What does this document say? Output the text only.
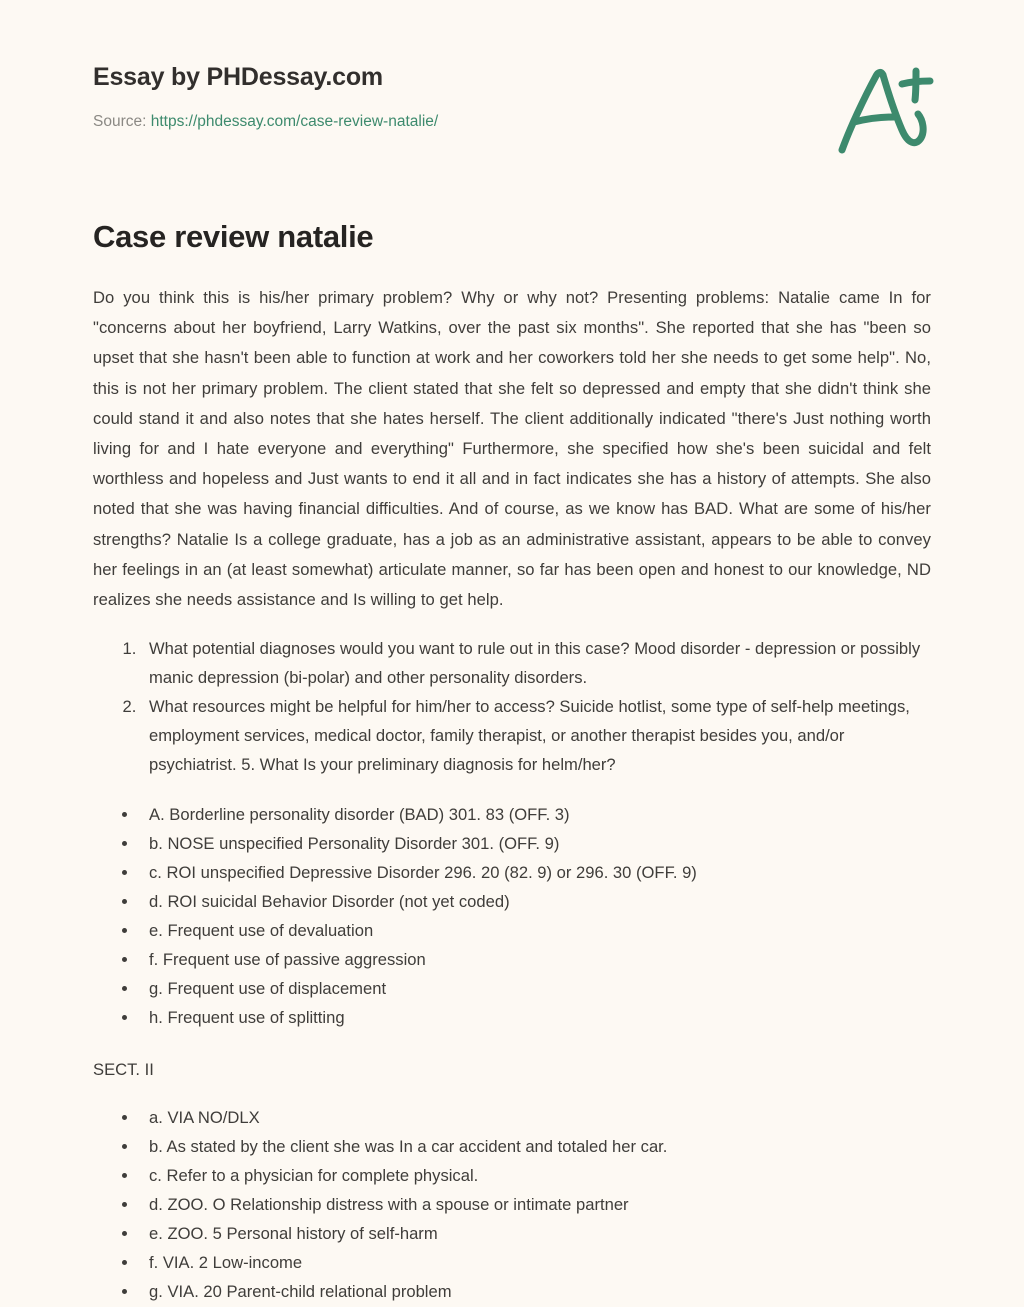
Essay by PHDessay.com
Source: https://phdessay.com/case-review-natalie/
Case review natalie

Do you think this is his/her primary problem? Why or why not? Presenting problems: Natalie came In for "concerns about her boyfriend, Larry Watkins, over the past six months". She reported that she has "been so upset that she hasn't been able to function at work and her coworkers told her she needs to get some help". No, this is not her primary problem. The client stated that she felt so depressed and empty that she didn't think she could stand it and also notes that she hates herself. The client additionally indicated "there's Just nothing worth living for and I hate everyone and everything" Furthermore, she specified how she's been suicidal and felt worthless and hopeless and Just wants to end it all and in fact indicates she has a history of attempts. She also noted that she was having financial difficulties. And of course, as we know has BAD. What are some of his/her strengths? Natalie Is a college graduate, has a job as an administrative assistant, appears to be able to convey her feelings in an (at least somewhat) articulate manner, so far has been open and honest to our knowledge, ND realizes she needs assistance and Is willing to get help.

1. What potential diagnoses would you want to rule out in this case? Mood disorder - depression or possibly manic depression (bi-polar) and other personality disorders.
2. What resources might be helpful for him/her to access? Suicide hotlist, some type of self-help meetings, employment services, medical doctor, family therapist, or another therapist besides you, and/or psychiatrist. 5. What Is your preliminary diagnosis for helm/her?
• A. Borderline personality disorder (BAD) 301. 83 (OFF. 3)
• b. NOSE unspecified Personality Disorder 301. (OFF. 9)
• c. ROI unspecified Depressive Disorder 296. 20 (82. 9) or 296. 30 (OFF. 9)
• d. ROI suicidal Behavior Disorder (not yet coded)
• e. Frequent use of devaluation
• f. Frequent use of passive aggression
• g. Frequent use of displacement
• h. Frequent use of splitting
SECT. II
• a. VIA NO/DLX
• b. As stated by the client she was In a car accident and totaled her car.
• c. Refer to a physician for complete physical.
• d. ZOO. O Relationship distress with a spouse or intimate partner
• e. ZOO. 5 Personal history of self-harm
• f. VIA. 2 Low-income
• g. VIA. 20 Parent-child relational problem
